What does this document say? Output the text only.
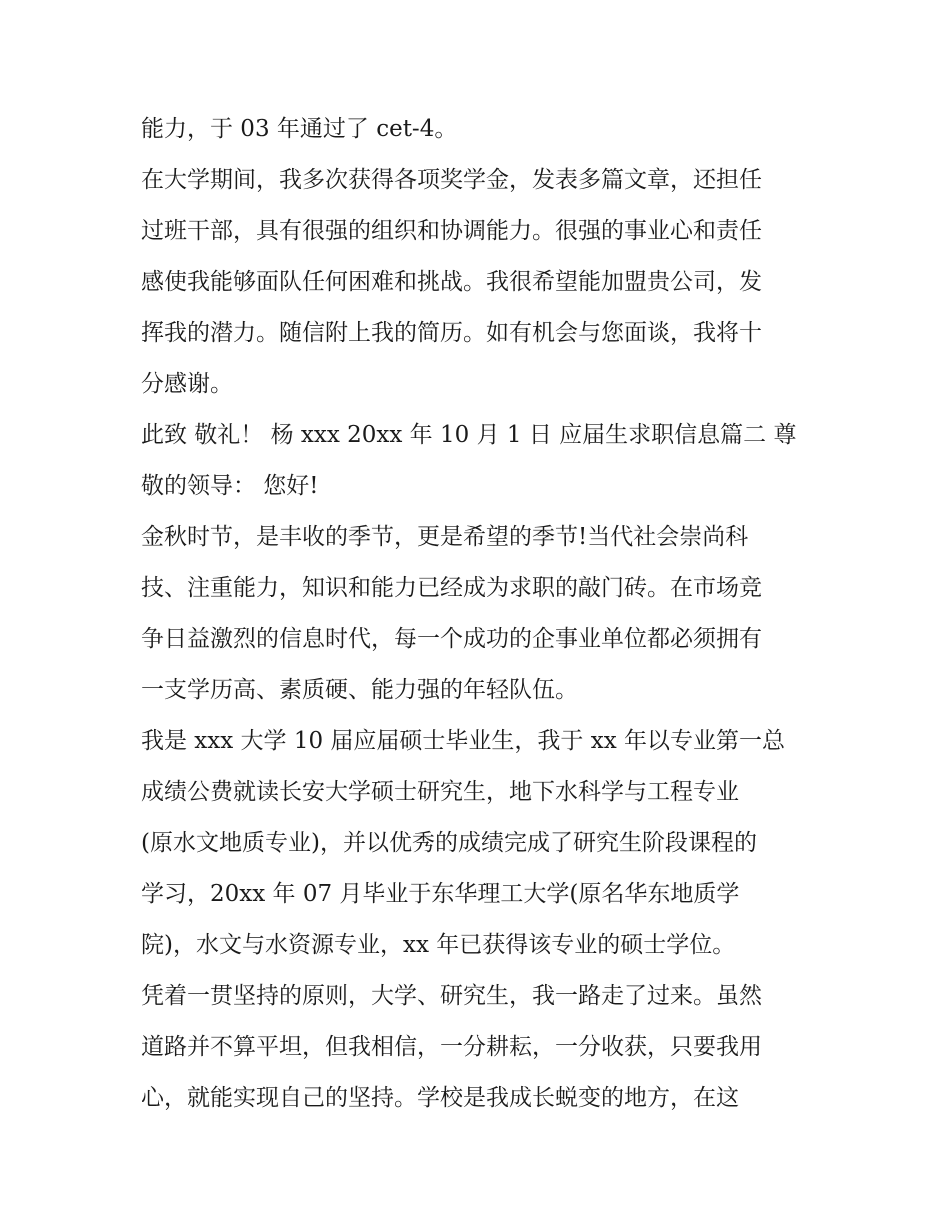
能力，于 03 年通过了 cet-4。
在大学期间，我多次获得各项奖学金，发表多篇文章，还担任
过班干部，具有很强的组织和协调能力。很强的事业心和责任
感使我能够面队任何困难和挑战。我很希望能加盟贵公司，发
挥我的潜力。随信附上我的简历。如有机会与您面谈，我将十
分感谢。
此致 敬礼！ 杨 xxx 20xx 年 10 月 1 日 应届生求职信息篇二 尊
敬的领导： 您好!
金秋时节，是丰收的季节，更是希望的季节!当代社会崇尚科
技、注重能力，知识和能力已经成为求职的敲门砖。在市场竞
争日益激烈的信息时代，每一个成功的企事业单位都必须拥有
一支学历高、素质硬、能力强的年轻队伍。
我是 xxx 大学 10 届应届硕士毕业生，我于 xx 年以专业第一总
成绩公费就读长安大学硕士研究生，地下水科学与工程专业
(原水文地质专业)，并以优秀的成绩完成了研究生阶段课程的
学习，20xx 年 07 月毕业于东华理工大学(原名华东地质学
院)，水文与水资源专业，xx 年已获得该专业的硕士学位。
凭着一贯坚持的原则，大学、研究生，我一路走了过来。虽然
道路并不算平坦，但我相信，一分耕耘，一分收获，只要我用
心，就能实现自己的坚持。学校是我成长蜕变的地方，在这
